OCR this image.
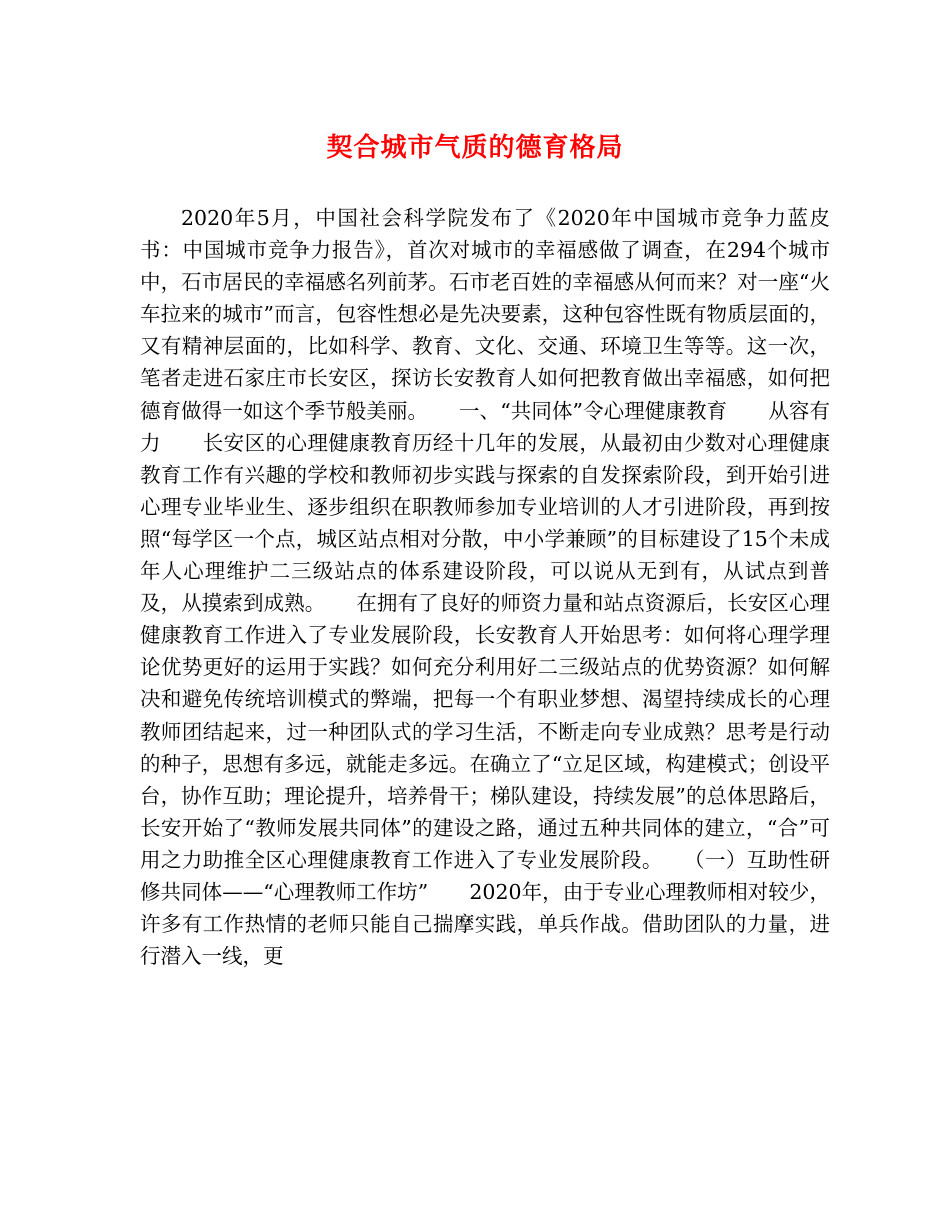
契合城市气质的德育格局

2020年5月，中国社会科学院发布了《2020年中国城市竞争力蓝皮书：中国城市竞争力报告》，首次对城市的幸福感做了调查，在294个城市中，石市居民的幸福感名列前茅。石市老百姓的幸福感从何而来？对一座“火车拉来的城市”而言，包容性想必是先决要素，这种包容性既有物质层面的，又有精神层面的，比如科学、教育、文化、交通、环境卫生等等。这一次，笔者走进石家庄市长安区，探访长安教育人如何把教育做出幸福感，如何把德育做得一如这个季节般美丽。　　一、“共同体”令心理健康教育　　从容有力　　长安区的心理健康教育历经十几年的发展，从最初由少数对心理健康教育工作有兴趣的学校和教师初步实践与探索的自发探索阶段，到开始引进心理专业毕业生、逐步组织在职教师参加专业培训的人才引进阶段，再到按照“每学区一个点，城区站点相对分散，中小学兼顾”的目标建设了15个未成年人心理维护二三级站点的体系建设阶段，可以说从无到有，从试点到普及，从摸索到成熟。　　在拥有了良好的师资力量和站点资源后，长安区心理健康教育工作进入了专业发展阶段，长安教育人开始思考：如何将心理学理论优势更好的运用于实践？如何充分利用好二三级站点的优势资源？如何解决和避免传统培训模式的弊端，把每一个有职业梦想、渴望持续成长的心理教师团结起来，过一种团队式的学习生活，不断走向专业成熟？思考是行动的种子，思想有多远，就能走多远。在确立了“立足区域，构建模式；创设平台，协作互助；理论提升，培养骨干；梯队建设，持续发展”的总体思路后，长安开始了“教师发展共同体”的建设之路，通过五种共同体的建立，“合”可用之力助推全区心理健康教育工作进入了专业发展阶段。　　（一）互助性研修共同体——“心理教师工作坊”　　2020年，由于专业心理教师相对较少，许多有工作热情的老师只能自己揣摩实践，单兵作战。借助团队的力量，进行潜入一线，更
